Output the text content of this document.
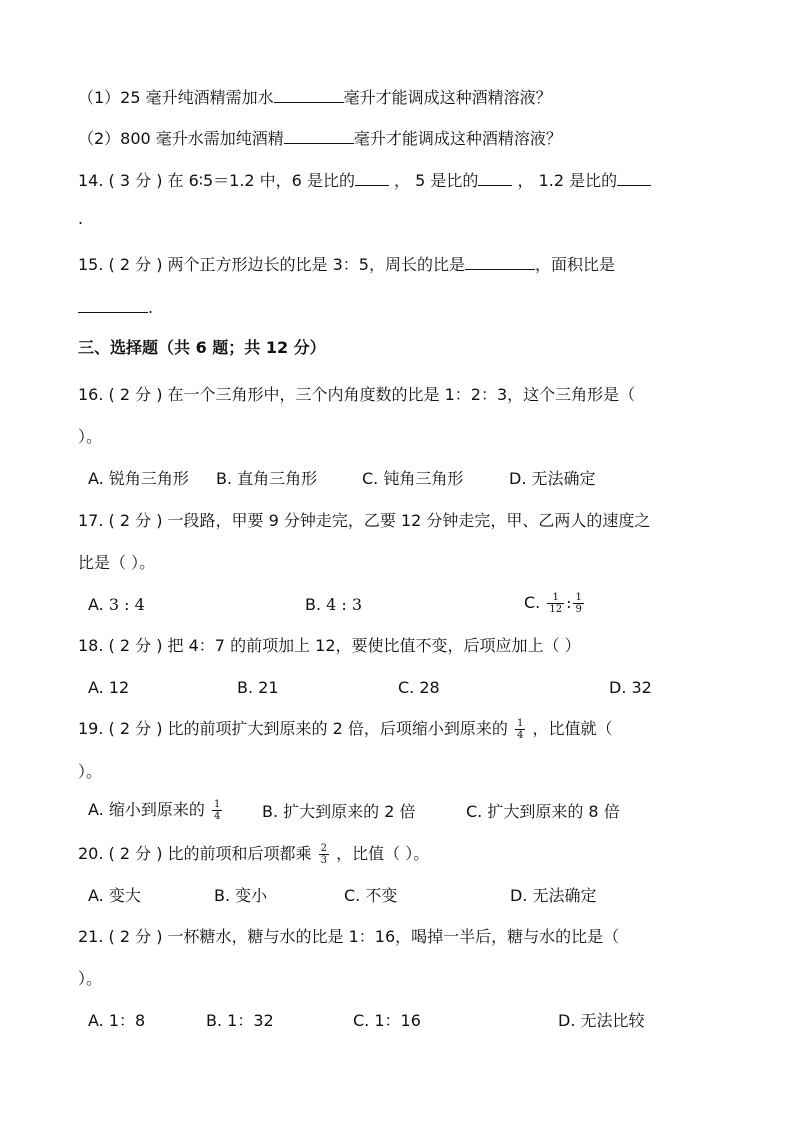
（1）25 毫升纯酒精需加水	毫升才能调成这种酒精溶液？
（2）800 毫升水需加纯酒精	毫升才能调成这种酒精溶液？
14. ( 3 分 ) 在 6∶5＝1.2 中，6 是比的 ， 5 是比的 ， 1.2 是比的
.
15. ( 2 分 ) 两个正方形边长的比是 3：5，周长的比是	，面积比是
.
三、选择题（共 6 题；共 12 分）
16. ( 2 分 ) 在一个三角形中，三个内角度数的比是 1：2：3，这个三角形是（
）。
A. 锐角三角形 B. 直角三角形	C. 钝角三角形	D. 无法确定
17. ( 2 分 ) 一段路，甲要 9 分钟走完，乙要 12 分钟走完，甲、乙两人的速度之
比是（ ）。
A. 3 : 4	B. 4 : 3	C. $\frac{1}{12}$ : $\frac{1}{9}$
18. ( 2 分 ) 把 4：7 的前项加上 12，要使比值不变，后项应加上（ ）
A. 12	B. 21	C. 28	D. 32
19. ( 2 分 ) 比的前项扩大到原来的 2 倍，后项缩小到原来的 $\frac{1}{4}$ ，比值就（
）。
A. 缩小到原来的 $\frac{1}{4} B$. 扩大到原来的 2 倍	C. 扩大到原来的 8 倍
20. ( 2 分 ) 比的前项和后项都乘 $\frac{2}{3}$ ，比值（ ）。
A. 变大	B. 变小	C. 不变	D. 无法确定
21. ( 2 分 ) 一杯糖水，糖与水的比是 1：16，喝掉一半后，糖与水的比是（
）。
A. 1：8	B. 1：32	C. 1：16	D. 无法比较
